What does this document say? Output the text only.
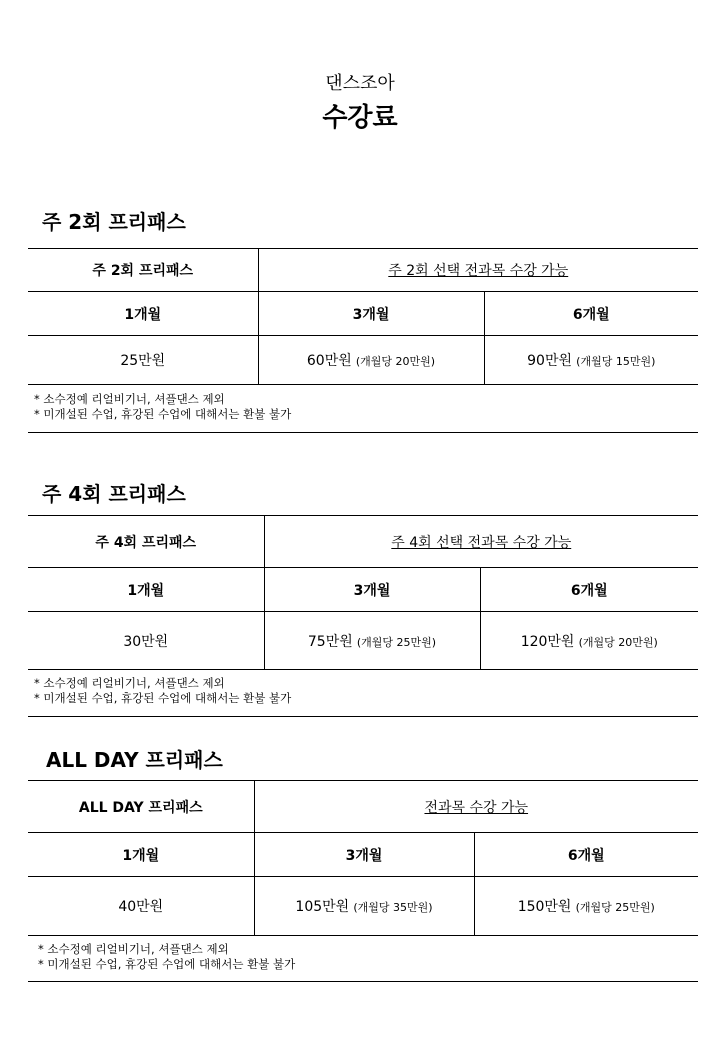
댄스조아
수강료
주 2회 프리패스
주 2회 프리패스	주 2회 선택 전과목 수강 가능	
1개월	3개월	6개월
25만원	60만원 (개월당 20만원)	90만원 (개월당 15만원)
* 소수정예 리얼비기너, 셔플댄스 제외
* 미개설된 수업, 휴강된 수업에 대해서는 환불 불가
주 4회 프리패스
주 4회 프리패스	주 4회 선택 전과목 수강 가능	
1개월	3개월	6개월
30만원	75만원 (개월당 25만원)	120만원 (개월당 20만원)
* 소수정예 리얼비기너, 셔플댄스 제외
* 미개설된 수업, 휴강된 수업에 대해서는 환불 불가
ALL DAY 프리패스
ALL DAY 프리패스	전과목 수강 가능	
1개월	3개월	6개월
40만원	105만원 (개월당 35만원)	150만원 (개월당 25만원)
* 소수정예 리얼비기너, 셔플댄스 제외
* 미개설된 수업, 휴강된 수업에 대해서는 환불 불가
